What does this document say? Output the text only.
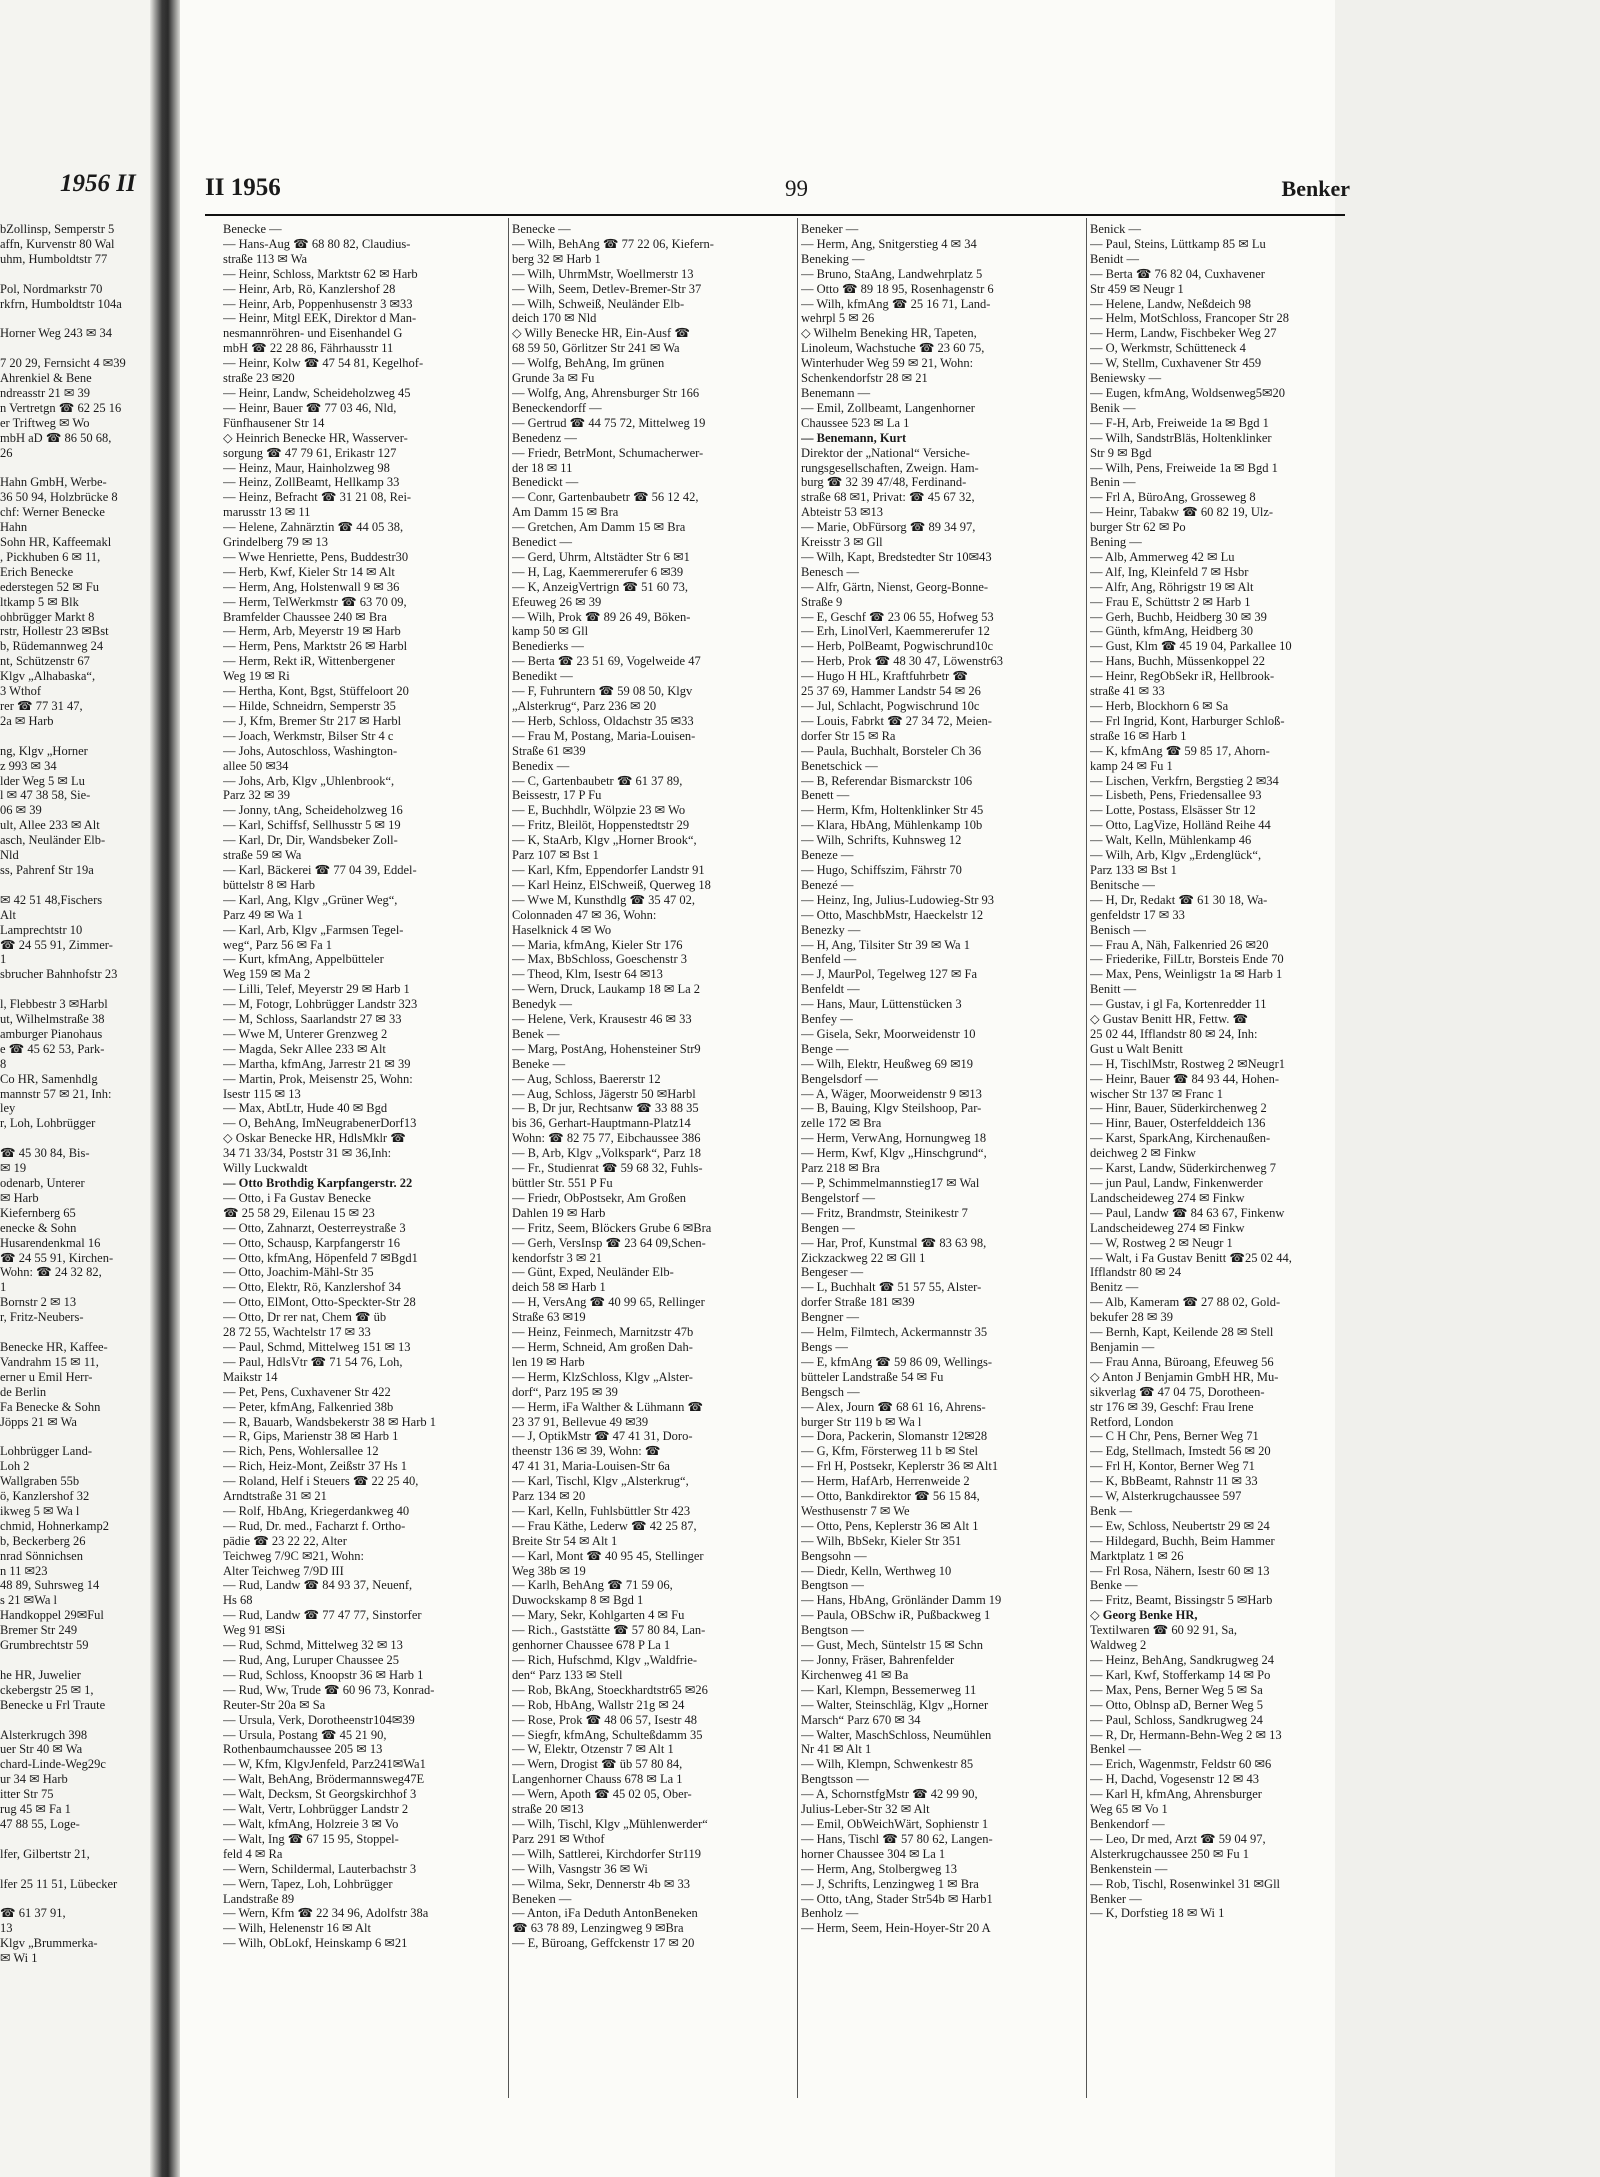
1956 II
bZollinsp, Semperstr 5
affn, Kurvenstr 80 Wal
uhm, Humboldtstr 77

Pol, Nordmarkstr 70
rkfrn, Humboldtstr 104a

Horner Weg 243 ✉ 34

7 20 29, Fernsicht 4 ✉39
Ahrenkiel & Bene
ndreasstr 21 ✉ 39
n Vertretgn ☎ 62 25 16
er Triftweg ✉ Wo
mbH aD ☎ 86 50 68,
26

Hahn GmbH, Werbe-
36 50 94, Holzbrücke 8
chf: Werner Benecke
Hahn
Sohn HR, Kaffeemakl
, Pickhuben 6 ✉ 11,
Erich Benecke
ederstegen 52 ✉ Fu
ltkamp 5 ✉ Blk
ohbrügger Markt 8
rstr, Hollestr 23 ✉Bst
b, Rüdemannweg 24
nt, Schützenstr 67
Klgv „Alhabaska“,
3 Wthof
rer ☎ 77 31 47,
2a ✉ Harb

ng, Klgv „Horner
z 993 ✉ 34
lder Weg 5 ✉ Lu
l ✉ 47 38 58, Sie-
06 ✉ 39
ult, Allee 233 ✉ Alt
asch, Neuländer Elb-
Nld
ss, Pahrenf Str 19a

✉ 42 51 48,Fischers
Alt
Lamprechtstr 10
☎ 24 55 91, Zimmer-
1
sbrucher Bahnhofstr 23

l, Flebbestr 3 ✉Harbl
ut, Wilhelmstraße 38
amburger Pianohaus
e ☎ 45 62 53, Park-
8
Co HR, Samenhdlg
mannstr 57 ✉ 21, Inh:
ley
r, Loh, Lohbrügger

☎ 45 30 84, Bis-
✉ 19
odenarb, Unterer
✉ Harb
Kiefernberg 65
enecke & Sohn
Husarendenkmal 16
☎ 24 55 91, Kirchen-
Wohn: ☎ 24 32 82,
1
Bornstr 2 ✉ 13
r, Fritz-Neubers-

Benecke HR, Kaffee-
Vandrahm 15 ✉ 11,
erner u Emil Herr-
de Berlin
Fa Benecke & Sohn
Jöpps 21 ✉ Wa

Lohbrügger Land-
Loh 2
Wallgraben 55b
ö, Kanzlershof 32
ikweg 5 ✉ Wa l
chmid, Hohnerkamp2
b, Beckerberg 26
nrad Sönnichsen
n 11 ✉23
48 89, Suhrsweg 14
s 21 ✉Wa l
Handkoppel 29✉Ful
Bremer Str 249
Grumbrechtstr 59

he HR, Juwelier
ckebergstr 25 ✉ 1,
Benecke u Frl Traute

Alsterkrugch 398
uer Str 40 ✉ Wa
chard-Linde-Weg29c
ur 34 ✉ Harb
itter Str 75
rug 45 ✉ Fa 1
47 88 55, Loge-

lfer, Gilbertstr 21,

lfer 25 11 51, Lübecker

☎ 61 37 91,
13
Klgv „Brummerka-
✉ Wi 1
II 1956	99	Benker
Benecke —
— Hans-Aug ☎ 68 80 82, Claudius-
straße 113 ✉ Wa
— Heinr, Schloss, Marktstr 62 ✉ Harb
— Heinr, Arb, Rö, Kanzlershof 28
— Heinr, Arb, Poppenhusenstr 3 ✉33
— Heinr, Mitgl EEK, Direktor d Man-
nesmannröhren- und Eisenhandel G
mbH ☎ 22 28 86, Fährhausstr 11
— Heinr, Kolw ☎ 47 54 81, Kegelhof-
straße 23 ✉20
— Heinr, Landw, Scheideholzweg 45
— Heinr, Bauer ☎ 77 03 46, Nld,
Fünfhausener Str 14
◇ Heinrich Benecke HR, Wasserver-
sorgung ☎ 47 79 61, Erikastr 127
— Heinz, Maur, Hainholzweg 98
— Heinz, ZollBeamt, Hellkamp 33
— Heinz, Befracht ☎ 31 21 08, Rei-
marusstr 13 ✉ 11
— Helene, Zahnärztin ☎ 44 05 38,
Grindelberg 79 ✉ 13
— Wwe Henriette, Pens, Buddestr30
— Herb, Kwf, Kieler Str 14 ✉ Alt
— Herm, Ang, Holstenwall 9 ✉ 36
— Herm, TelWerkmstr ☎ 63 70 09,
Bramfelder Chaussee 240 ✉ Bra
— Herm, Arb, Meyerstr 19 ✉ Harb
— Herm, Pens, Marktstr 26 ✉ Harbl
— Herm, Rekt iR, Wittenbergener
Weg 19 ✉ Ri
— Hertha, Kont, Bgst, Stüffeloort 20
— Hilde, Schneidrn, Semperstr 35
— J, Kfm, Bremer Str 217 ✉ Harbl
— Joach, Werkmstr, Bilser Str 4 c
— Johs, Autoschloss, Washington-
allee 50 ✉34
— Johs, Arb, Klgv „Uhlenbrook“,
Parz 32 ✉ 39
— Jonny, tAng, Scheideholzweg 16
— Karl, Schiffsf, Sellhusstr 5 ✉ 19
— Karl, Dr, Dir, Wandsbeker Zoll-
straße 59 ✉ Wa
— Karl, Bäckerei ☎ 77 04 39, Eddel-
büttelstr 8 ✉ Harb
— Karl, Ang, Klgv „Grüner Weg“,
Parz 49 ✉ Wa 1
— Karl, Arb, Klgv „Farmsen Tegel-
weg“, Parz 56 ✉ Fa 1
— Kurt, kfmAng, Appelbütteler
Weg 159 ✉ Ma 2
— Lilli, Telef, Meyerstr 29 ✉ Harb 1
— M, Fotogr, Lohbrügger Landstr 323
— M, Schloss, Saarlandstr 27 ✉ 33
— Wwe M, Unterer Grenzweg 2
— Magda, Sekr Allee 233 ✉ Alt
— Martha, kfmAng, Jarrestr 21 ✉ 39
— Martin, Prok, Meisenstr 25, Wohn:
Isestr 115 ✉ 13
— Max, AbtLtr, Hude 40 ✉ Bgd
— O, BehAng, ImNeugrabenerDorf13
◇ Oskar Benecke HR, HdlsMklr ☎
34 71 33/34, Poststr 31 ✉ 36,Inh:
Willy Luckwaldt
— Otto Brothdig Karpfangerstr. 22
— Otto, i Fa Gustav Benecke
☎ 25 58 29, Eilenau 15 ✉ 23
— Otto, Zahnarzt, Oesterreystraße 3
— Otto, Schausp, Karpfangerstr 16
— Otto, kfmAng, Höpenfeld 7 ✉Bgd1
— Otto, Joachim-Mähl-Str 35
— Otto, Elektr, Rö, Kanzlershof 34
— Otto, ElMont, Otto-Speckter-Str 28
— Otto, Dr rer nat, Chem ☎ üb
28 72 55, Wachtelstr 17 ✉ 33
— Paul, Schmd, Mittelweg 151 ✉ 13
— Paul, HdlsVtr ☎ 71 54 76, Loh,
Maikstr 14
— Pet, Pens, Cuxhavener Str 422
— Peter, kfmAng, Falkenried 38b
— R, Bauarb, Wandsbekerstr 38 ✉ Harb 1
— R, Gips, Marienstr 38 ✉ Harb 1
— Rich, Pens, Wohlersallee 12
— Rich, Heiz-Mont, Zeißstr 37 Hs 1
— Roland, Helf i Steuers ☎ 22 25 40,
Arndtstraße 31 ✉ 21
— Rolf, HbAng, Kriegerdankweg 40
— Rud, Dr. med., Facharzt f. Ortho-
pädie ☎ 23 22 22, Alter
Teichweg 7/9C ✉21, Wohn:
Alter Teichweg 7/9D III
— Rud, Landw ☎ 84 93 37, Neuenf,
Hs 68
— Rud, Landw ☎ 77 47 77, Sinstorfer
Weg 91 ✉Si
— Rud, Schmd, Mittelweg 32 ✉ 13
— Rud, Ang, Luruper Chaussee 25
— Rud, Schloss, Knoopstr 36 ✉ Harb 1
— Rud, Ww, Trude ☎ 60 96 73, Konrad-
Reuter-Str 20a ✉ Sa
— Ursula, Verk, Dorotheenstr104✉39
— Ursula, Postang ☎ 45 21 90,
Rothenbaumchaussee 205 ✉ 13
— W, Kfm, KlgvJenfeld, Parz241✉Wa1
— Walt, BehAng, Brödermannsweg47E
— Walt, Decksm, St Georgskirchhof 3
— Walt, Vertr, Lohbrügger Landstr 2
— Walt, kfmAng, Holzreie 3 ✉ Vo
— Walt, Ing ☎ 67 15 95, Stoppel-
feld 4 ✉ Ra
— Wern, Schildermal, Lauterbachstr 3
— Wern, Tapez, Loh, Lohbrügger
Landstraße 89
— Wern, Kfm ☎ 22 34 96, Adolfstr 38a
— Wilh, Helenenstr 16 ✉ Alt
— Wilh, ObLokf, Heinskamp 6 ✉21
Benecke —
— Wilh, BehAng ☎ 77 22 06, Kiefern-
berg 32 ✉ Harb 1
— Wilh, UhrmMstr, Woellmerstr 13
— Wilh, Seem, Detlev-Bremer-Str 37
— Wilh, Schweiß, Neuländer Elb-
deich 170 ✉ Nld
◇ Willy Benecke HR, Ein-Ausf ☎
68 59 50, Görlitzer Str 241 ✉ Wa
— Wolfg, BehAng, Im grünen
Grunde 3a ✉ Fu
— Wolfg, Ang, Ahrensburger Str 166
Beneckendorff —
— Gertrud ☎ 44 75 72, Mittelweg 19
Benedenz —
— Friedr, BetrMont, Schumacherwer-
der 18 ✉ 11
Benedickt —
— Conr, Gartenbaubetr ☎ 56 12 42,
Am Damm 15 ✉ Bra
— Gretchen, Am Damm 15 ✉ Bra
Benedict —
— Gerd, Uhrm, Altstädter Str 6 ✉1
— H, Lag, Kaemmererufer 6 ✉39
— K, AnzeigVertrign ☎ 51 60 73,
Efeuweg 26 ✉ 39
— Wilh, Prok ☎ 89 26 49, Böken-
kamp 50 ✉ Gll
Benedierks —
— Berta ☎ 23 51 69, Vogelweide 47
Benedikt —
— F, Fuhruntern ☎ 59 08 50, Klgv
„Alsterkrug“, Parz 236 ✉ 20
— Herb, Schloss, Oldachstr 35 ✉33
— Frau M, Postang, Maria-Louisen-
Straße 61 ✉39
Benedix —
— C, Gartenbaubetr ☎ 61 37 89,
Beissestr, 17 P Fu
— E, Buchhdlr, Wölpzie 23 ✉ Wo
— Fritz, Bleilöt, Hoppenstedtstr 29
— K, StaArb, Klgv „Horner Brook“,
Parz 107 ✉ Bst 1
— Karl, Kfm, Eppendorfer Landstr 91
— Karl Heinz, ElSchweiß, Querweg 18
— Wwe M, Kunsthdlg ☎ 35 47 02,
Colonnaden 47 ✉ 36, Wohn:
Haselknick 4 ✉ Wo
— Maria, kfmAng, Kieler Str 176
— Max, BbSchloss, Goeschenstr 3
— Theod, Klm, Isestr 64 ✉13
— Wern, Druck, Laukamp 18 ✉ La 2
Benedyk —
— Helene, Verk, Krausestr 46 ✉ 33
Benek —
— Marg, PostAng, Hohensteiner Str9
Beneke —
— Aug, Schloss, Baererstr 12
— Aug, Schloss, Jägerstr 50 ✉Harbl
— B, Dr jur, Rechtsanw ☎ 33 88 35
bis 36, Gerhart-Hauptmann-Platz14
Wohn: ☎ 82 75 77, Eibchaussee 386
— B, Arb, Klgv „Volkspark“, Parz 18
— Fr., Studienrat ☎ 59 68 32, Fuhls-
büttler Str. 551 P Fu
— Friedr, ObPostsekr, Am Großen
Dahlen 19 ✉ Harb
— Fritz, Seem, Blöckers Grube 6 ✉Bra
— Gerh, VersInsp ☎ 23 64 09,Schen-
kendorfstr 3 ✉ 21
— Günt, Exped, Neuländer Elb-
deich 58 ✉ Harb 1
— H, VersAng ☎ 40 99 65, Rellinger
Straße 63 ✉19
— Heinz, Feinmech, Marnitzstr 47b
— Herm, Schneid, Am großen Dah-
len 19 ✉ Harb
— Herm, KlzSchloss, Klgv „Alster-
dorf“, Parz 195 ✉ 39
— Herm, iFa Walther & Lühmann ☎
23 37 91, Bellevue 49 ✉39
— J, OptikMstr ☎ 47 41 31, Doro-
theenstr 136 ✉ 39, Wohn: ☎
47 41 31, Maria-Louisen-Str 6a
— Karl, Tischl, Klgv „Alsterkrug“,
Parz 134 ✉ 20
— Karl, Kelln, Fuhlsbüttler Str 423
— Frau Käthe, Lederw ☎ 42 25 87,
Breite Str 54 ✉ Alt 1
— Karl, Mont ☎ 40 95 45, Stellinger
Weg 38b ✉ 19
— Karlh, BehAng ☎ 71 59 06,
Duwockskamp 8 ✉ Bgd 1
— Mary, Sekr, Kohlgarten 4 ✉ Fu
— Rich., Gaststätte ☎ 57 80 84, Lan-
genhorner Chaussee 678 P La 1
— Rich, Hufschmd, Klgv „Waldfrie-
den“ Parz 133 ✉ Stell
— Rob, BkAng, Stoeckhardtstr65 ✉26
— Rob, HbAng, Wallstr 21g ✉ 24
— Rose, Prok ☎ 48 06 57, Isestr 48
— Siegfr, kfmAng, Schulteßdamm 35
— W, Elektr, Otzenstr 7 ✉ Alt 1
— Wern, Drogist ☎ üb 57 80 84,
Langenhorner Chauss 678 ✉ La 1
— Wern, Apoth ☎ 45 02 05, Ober-
straße 20 ✉13
— Wilh, Tischl, Klgv „Mühlenwerder“
Parz 291 ✉ Wthof
— Wilh, Sattlerei, Kirchdorfer Str119
— Wilh, Vasngstr 36 ✉ Wi
— Wilma, Sekr, Dennerstr 4b ✉ 33
Beneken —
— Anton, iFa Deduth AntonBeneken
☎ 63 78 89, Lenzingweg 9 ✉Bra
— E, Büroang, Geffckenstr 17 ✉ 20
Beneker —
— Herm, Ang, Snitgerstieg 4 ✉ 34
Beneking —
— Bruno, StaAng, Landwehrplatz 5
— Otto ☎ 89 18 95, Rosenhagenstr 6
— Wilh, kfmAng ☎ 25 16 71, Land-
wehrpl 5 ✉ 26
◇ Wilhelm Beneking HR, Tapeten,
Linoleum, Wachstuche ☎ 23 60 75,
Winterhuder Weg 59 ✉ 21, Wohn:
Schenkendorfstr 28 ✉ 21
Benemann —
— Emil, Zollbeamt, Langenhorner
Chaussee 523 ✉ La 1
— Benemann, Kurt
Direktor der „National“ Versiche-
rungsgesellschaften, Zweign. Ham-
burg ☎ 32 39 47/48, Ferdinand-
straße 68 ✉1, Privat: ☎ 45 67 32,
Abteistr 53 ✉13
— Marie, ObFürsorg ☎ 89 34 97,
Kreisstr 3 ✉ Gll
— Wilh, Kapt, Bredstedter Str 10✉43
Benesch —
— Alfr, Gärtn, Nienst, Georg-Bonne-
Straße 9
— E, Geschf ☎ 23 06 55, Hofweg 53
— Erh, LinolVerl, Kaemmererufer 12
— Herb, PolBeamt, Pogwischrund10c
— Herb, Prok ☎ 48 30 47, Löwenstr63
— Hugo H HL, Kraftfuhrbetr ☎
25 37 69, Hammer Landstr 54 ✉ 26
— Jul, Schlacht, Pogwischrund 10c
— Louis, Fabrkt ☎ 27 34 72, Meien-
dorfer Str 15 ✉ Ra
— Paula, Buchhalt, Borsteler Ch 36
Benetschick —
— B, Referendar Bismarckstr 106
Benett —
— Herm, Kfm, Holtenklinker Str 45
— Klara, HbAng, Mühlenkamp 10b
— Wilh, Schrifts, Kuhnsweg 12
Beneze —
— Hugo, Schiffszim, Fährstr 70
Benezé —
— Heinz, Ing, Julius-Ludowieg-Str 93
— Otto, MaschbMstr, Haeckelstr 12
Benezky —
— H, Ang, Tilsiter Str 39 ✉ Wa 1
Benfeld —
— J, MaurPol, Tegelweg 127 ✉ Fa
Benfeldt —
— Hans, Maur, Lüttenstücken 3
Benfey —
— Gisela, Sekr, Moorweidenstr 10
Benge —
— Wilh, Elektr, Heußweg 69 ✉19
Bengelsdorf —
— A, Wäger, Moorweidenstr 9 ✉13
— B, Bauing, Klgv Steilshoop, Par-
zelle 172 ✉ Bra
— Herm, VerwAng, Hornungweg 18
— Herm, Kwf, Klgv „Hinschgrund“,
Parz 218 ✉ Bra
— P, Schimmelmannstieg17 ✉ Wal
Bengelstorf —
— Fritz, Brandmstr, Steinikestr 7
Bengen —
— Har, Prof, Kunstmal ☎ 83 63 98,
Zickzackweg 22 ✉ Gll 1
Bengeser —
— L, Buchhalt ☎ 51 57 55, Alster-
dorfer Straße 181 ✉39
Bengner —
— Helm, Filmtech, Ackermannstr 35
Bengs —
— E, kfmAng ☎ 59 86 09, Wellings-
bütteler Landstraße 54 ✉ Fu
Bengsch —
— Alex, Journ ☎ 68 61 16, Ahrens-
burger Str 119 b ✉ Wa l
— Dora, Packerin, Slomanstr 12✉28
— G, Kfm, Försterweg 11 b ✉ Stel
— Frl H, Postsekr, Keplerstr 36 ✉ Alt1
— Herm, HafArb, Herrenweide 2
— Otto, Bankdirektor ☎ 56 15 84,
Westhusenstr 7 ✉ We
— Otto, Pens, Keplerstr 36 ✉ Alt 1
— Wilh, BbSekr, Kieler Str 351
Bengsohn —
— Diedr, Kelln, Werthweg 10
Bengtson —
— Hans, HbAng, Grönländer Damm 19
— Paula, OBSchw iR, Pußbackweg 1
Bengtson —
— Gust, Mech, Süntelstr 15 ✉ Schn
— Jonny, Fräser, Bahrenfelder
Kirchenweg 41 ✉ Ba
— Karl, Klempn, Bessemerweg 11
— Walter, Steinschläg, Klgv „Horner
Marsch“ Parz 670 ✉ 34
— Walter, MaschSchloss, Neumühlen
Nr 41 ✉ Alt 1
— Wilh, Klempn, Schwenkestr 85
Bengtsson —
— A, SchornstfgMstr ☎ 42 99 90,
Julius-Leber-Str 32 ✉ Alt
— Emil, ObWeichWärt, Sophienstr 1
— Hans, Tischl ☎ 57 80 62, Langen-
horner Chaussee 304 ✉ La 1
— Herm, Ang, Stolbergweg 13
— J, Schrifts, Lenzingweg 1 ✉ Bra
— Otto, tAng, Stader Str54b ✉ Harb1
Benholz —
— Herm, Seem, Hein-Hoyer-Str 20 A
Benick —
— Paul, Steins, Lüttkamp 85 ✉ Lu
Benidt —
— Berta ☎ 76 82 04, Cuxhavener
Str 459 ✉ Neugr 1
— Helene, Landw, Neßdeich 98
— Helm, MotSchloss, Francoper Str 28
— Herm, Landw, Fischbeker Weg 27
— O, Werkmstr, Schütteneck 4
— W, Stellm, Cuxhavener Str 459
Beniewsky —
— Eugen, kfmAng, Woldsenweg5✉20
Benik —
— F-H, Arb, Freiweide 1a ✉ Bgd 1
— Wilh, SandstrBläs, Holtenklinker
Str 9 ✉ Bgd
— Wilh, Pens, Freiweide 1a ✉ Bgd 1
Benin —
— Frl A, BüroAng, Grosseweg 8
— Heinr, Tabakw ☎ 60 82 19, Ulz-
burger Str 62 ✉ Po
Bening —
— Alb, Ammerweg 42 ✉ Lu
— Alf, Ing, Kleinfeld 7 ✉ Hsbr
— Alfr, Ang, Röhrigstr 19 ✉ Alt
— Frau E, Schüttstr 2 ✉ Harb 1
— Gerh, Buchb, Heidberg 30 ✉ 39
— Günth, kfmAng, Heidberg 30
— Gust, Klm ☎ 45 19 04, Parkallee 10
— Hans, Buchh, Müssenkoppel 22
— Heinr, RegObSekr iR, Hellbrook-
straße 41 ✉ 33
— Herb, Blockhorn 6 ✉ Sa
— Frl Ingrid, Kont, Harburger Schloß-
straße 16 ✉ Harb 1
— K, kfmAng ☎ 59 85 17, Ahorn-
kamp 24 ✉ Fu 1
— Lischen, Verkfrn, Bergstieg 2 ✉34
— Lisbeth, Pens, Friedensallee 93
— Lotte, Postass, Elsässer Str 12
— Otto, LagVize, Holländ Reihe 44
— Walt, Kelln, Mühlenkamp 46
— Wilh, Arb, Klgv „Erdenglück“,
Parz 133 ✉ Bst 1
Benitsche —
— H, Dr, Redakt ☎ 61 30 18, Wa-
genfeldstr 17 ✉ 33
Benisch —
— Frau A, Näh, Falkenried 26 ✉20
— Friederike, FilLtr, Borsteis Ende 70
— Max, Pens, Weinligstr 1a ✉ Harb 1
Benitt —
— Gustav, i gl Fa, Kortenredder 11
◇ Gustav Benitt HR, Fettw. ☎
25 02 44, Ifflandstr 80 ✉ 24, Inh:
Gust u Walt Benitt
— H, TischlMstr, Rostweg 2 ✉Neugr1
— Heinr, Bauer ☎ 84 93 44, Hohen-
wischer Str 137 ✉ Franc 1
— Hinr, Bauer, Süderkirchenweg 2
— Hinr, Bauer, Osterfelddeich 136
— Karst, SparkAng, Kirchenaußen-
deichweg 2 ✉ Finkw
— Karst, Landw, Süderkirchenweg 7
— jun Paul, Landw, Finkenwerder
Landscheideweg 274 ✉ Finkw
— Paul, Landw ☎ 84 63 67, Finkenw
Landscheideweg 274 ✉ Finkw
— W, Rostweg 2 ✉ Neugr 1
— Walt, i Fa Gustav Benitt ☎25 02 44,
Ifflandstr 80 ✉ 24
Benitz —
— Alb, Kameram ☎ 27 88 02, Gold-
bekufer 28 ✉ 39
— Bernh, Kapt, Keilende 28 ✉ Stell
Benjamin —
— Frau Anna, Büroang, Efeuweg 56
◇ Anton J Benjamin GmbH HR, Mu-
sikverlag ☎ 47 04 75, Dorotheen-
str 176 ✉ 39, Geschf: Frau Irene
Retford, London
— C H Chr, Pens, Berner Weg 71
— Edg, Stellmach, Imstedt 56 ✉ 20
— Frl H, Kontor, Berner Weg 71
— K, BbBeamt, Rahnstr 11 ✉ 33
— W, Alsterkrugchaussee 597
Benk —
— Ew, Schloss, Neubertstr 29 ✉ 24
— Hildegard, Buchh, Beim Hammer
Marktplatz 1 ✉ 26
— Frl Rosa, Nähern, Isestr 60 ✉ 13
Benke —
— Fritz, Beamt, Bissingstr 5 ✉Harb
◇ Georg Benke HR,
Textilwaren ☎ 60 92 91, Sa,
Waldweg 2
— Heinz, BehAng, Sandkrugweg 24
— Karl, Kwf, Stofferkamp 14 ✉ Po
— Max, Pens, Berner Weg 5 ✉ Sa
— Otto, Oblnsp aD, Berner Weg 5
— Paul, Schloss, Sandkrugweg 24
— R, Dr, Hermann-Behn-Weg 2 ✉ 13
Benkel —
— Erich, Wagenmstr, Feldstr 60 ✉6
— H, Dachd, Vogesenstr 12 ✉ 43
— Karl H, kfmAng, Ahrensburger
Weg 65 ✉ Vo 1
Benkendorf —
— Leo, Dr med, Arzt ☎ 59 04 97,
Alsterkrugchaussee 250 ✉ Fu 1
Benkenstein —
— Rob, Tischl, Rosenwinkel 31 ✉Gll
Benker —
— K, Dorfstieg 18 ✉ Wi 1
